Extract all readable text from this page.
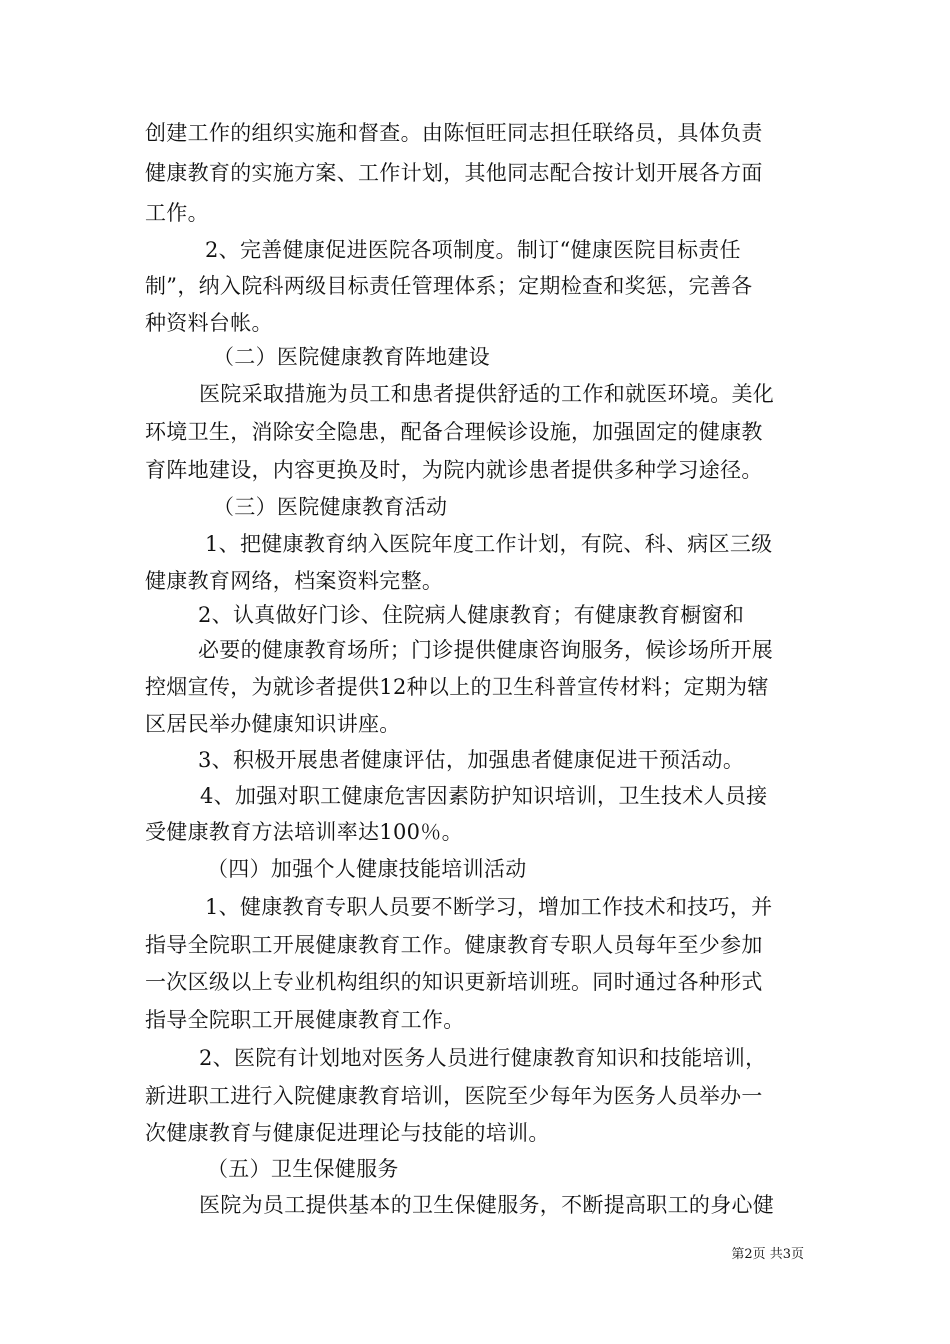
创建工作的组织实施和督查。由陈恒旺同志担任联络员，具体负责
健康教育的实施方案、工作计划，其他同志配合按计划开展各方面
工作。
2、完善健康促进医院各项制度。制订“健康医院目标责任
制”，纳入院科两级目标责任管理体系；定期检查和奖惩，完善各
种资料台帐。
（二）医院健康教育阵地建设
医院采取措施为员工和患者提供舒适的工作和就医环境。美化
环境卫生，消除安全隐患，配备合理候诊设施，加强固定的健康教
育阵地建设，内容更换及时，为院内就诊患者提供多种学习途径。
（三）医院健康教育活动
1、把健康教育纳入医院年度工作计划，有院、科、病区三级
健康教育网络，档案资料完整。
2、认真做好门诊、住院病人健康教育；有健康教育橱窗和
必要的健康教育场所；门诊提供健康咨询服务，候诊场所开展
控烟宣传，为就诊者提供12种以上的卫生科普宣传材料；定期为辖
区居民举办健康知识讲座。
3、积极开展患者健康评估，加强患者健康促进干预活动。
4、加强对职工健康危害因素防护知识培训，卫生技术人员接
受健康教育方法培训率达100％。
（四）加强个人健康技能培训活动
1、健康教育专职人员要不断学习，增加工作技术和技巧，并
指导全院职工开展健康教育工作。健康教育专职人员每年至少参加
一次区级以上专业机构组织的知识更新培训班。同时通过各种形式
指导全院职工开展健康教育工作。
2、医院有计划地对医务人员进行健康教育知识和技能培训，
新进职工进行入院健康教育培训，医院至少每年为医务人员举办一
次健康教育与健康促进理论与技能的培训。
（五）卫生保健服务
医院为员工提供基本的卫生保健服务，不断提高职工的身心健
第2页 共3页
